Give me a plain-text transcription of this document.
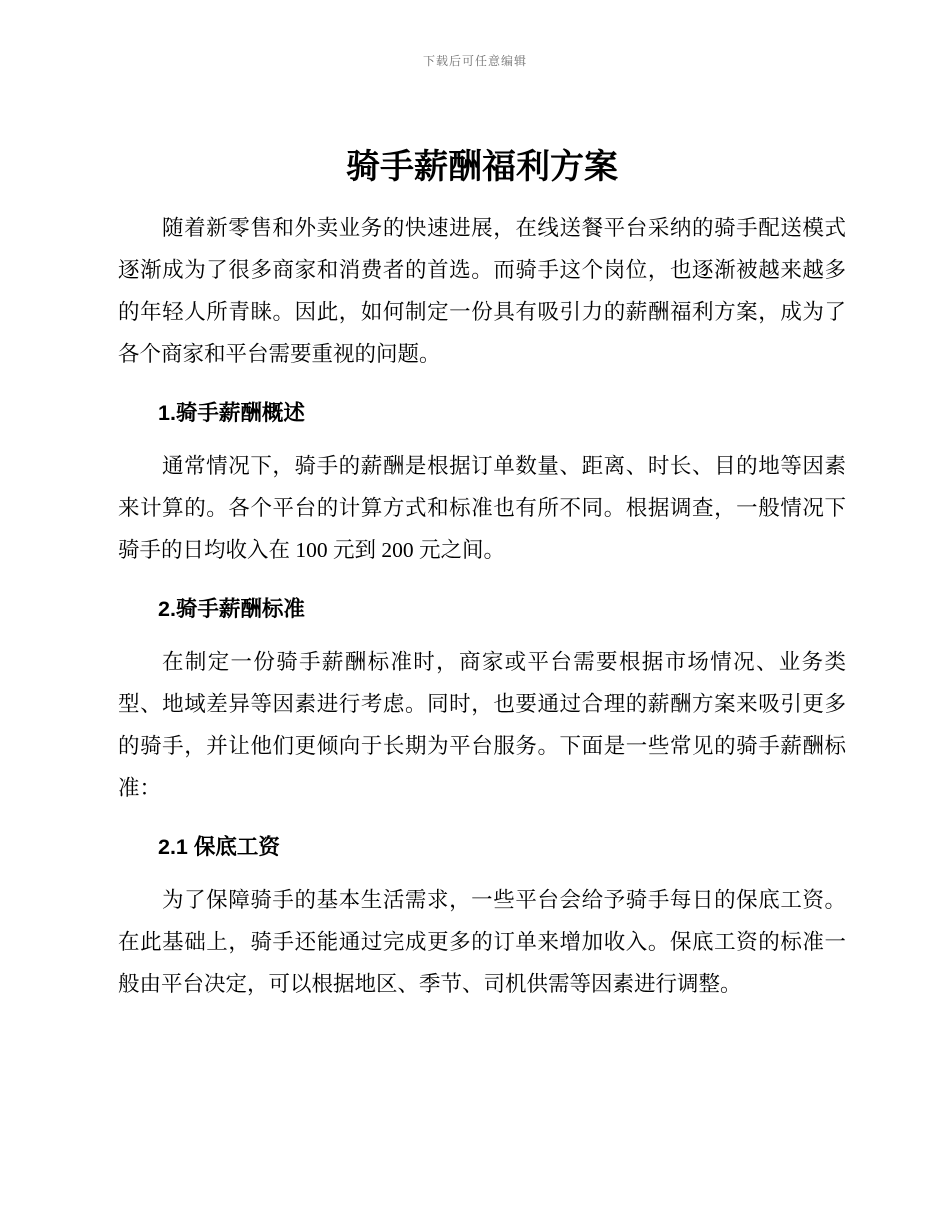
下载后可任意编辑
骑手薪酬福利方案

随着新零售和外卖业务的快速进展，在线送餐平台采纳的骑手配送模式逐渐成为了很多商家和消费者的首选。而骑手这个岗位，也逐渐被越来越多的年轻人所青睐。因此，如何制定一份具有吸引力的薪酬福利方案，成为了各个商家和平台需要重视的问题。

1.骑手薪酬概述

通常情况下，骑手的薪酬是根据订单数量、距离、时长、目的地等因素来计算的。各个平台的计算方式和标准也有所不同。根据调查，一般情况下骑手的日均收入在 100 元到 200 元之间。

2.骑手薪酬标准

在制定一份骑手薪酬标准时，商家或平台需要根据市场情况、业务类型、地域差异等因素进行考虑。同时，也要通过合理的薪酬方案来吸引更多的骑手，并让他们更倾向于长期为平台服务。下面是一些常见的骑手薪酬标准：

2.1 保底工资

为了保障骑手的基本生活需求，一些平台会给予骑手每日的保底工资。在此基础上，骑手还能通过完成更多的订单来增加收入。保底工资的标准一般由平台决定，可以根据地区、季节、司机供需等因素进行调整。
